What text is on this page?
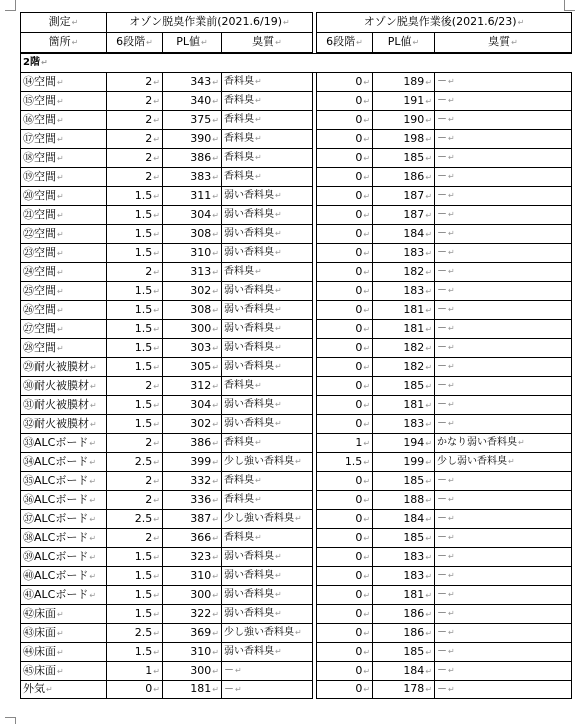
測定 ↵	オゾン脱臭作業前(2021.6/19) ↵				オゾン脱臭作業後(2021.6/23) ↵
箇所 ↵	6段階 ↵	PL値 ↵	臭質 ↵		6段階 ↵	PL値 ↵	臭質 ↵
2階 ↵
⑭空間 ↵	2 ↵	343 ↵	香料臭 ↵		0 ↵	189 ↵	－ ↵
⑮空間 ↵	2 ↵	340 ↵	香料臭 ↵		0 ↵	191 ↵	－ ↵
⑯空間 ↵	2 ↵	375 ↵	香料臭 ↵		0 ↵	190 ↵	－ ↵
⑰空間 ↵	2 ↵	390 ↵	香料臭 ↵		0 ↵	198 ↵	－ ↵
⑱空間 ↵	2 ↵	386 ↵	香料臭 ↵		0 ↵	185 ↵	－ ↵
⑲空間 ↵	2 ↵	383 ↵	香料臭 ↵		0 ↵	186 ↵	－ ↵
⑳空間 ↵	1.5 ↵	311 ↵	弱い香料臭 ↵		0 ↵	187 ↵	－ ↵
㉑空間 ↵	1.5 ↵	304 ↵	弱い香料臭 ↵		0 ↵	187 ↵	－ ↵
㉒空間 ↵	1.5 ↵	308 ↵	弱い香料臭 ↵		0 ↵	184 ↵	－ ↵
㉓空間 ↵	1.5 ↵	310 ↵	弱い香料臭 ↵		0 ↵	183 ↵	－ ↵
㉔空間 ↵	2 ↵	313 ↵	香料臭 ↵		0 ↵	182 ↵	－ ↵
㉕空間 ↵	1.5 ↵	302 ↵	弱い香料臭 ↵		0 ↵	183 ↵	－ ↵
㉖空間 ↵	1.5 ↵	308 ↵	弱い香料臭 ↵		0 ↵	181 ↵	－ ↵
㉗空間 ↵	1.5 ↵	300 ↵	弱い香料臭 ↵		0 ↵	181 ↵	－ ↵
㉘空間 ↵	1.5 ↵	303 ↵	弱い香料臭 ↵		0 ↵	182 ↵	－ ↵
㉙耐火被膜材 ↵	1.5 ↵	305 ↵	弱い香料臭 ↵		0 ↵	182 ↵	－ ↵
㉚耐火被膜材 ↵	2 ↵	312 ↵	香料臭 ↵		0 ↵	185 ↵	－ ↵
㉛耐火被膜材 ↵	1.5 ↵	304 ↵	弱い香料臭 ↵		0 ↵	181 ↵	－ ↵
㉜耐火被膜材 ↵	1.5 ↵	302 ↵	弱い香料臭 ↵		0 ↵	183 ↵	－ ↵
㉝ALCボード ↵	2 ↵	386 ↵	香料臭 ↵		1 ↵	194 ↵	かなり弱い香料臭 ↵
㉞ALCボード ↵	2.5 ↵	399 ↵	少し強い香料臭 ↵		1.5 ↵	199 ↵	少し弱い香料臭 ↵
㉟ALCボード ↵	2 ↵	332 ↵	香料臭 ↵		0 ↵	185 ↵	－ ↵
㊱ALCボード ↵	2 ↵	336 ↵	香料臭 ↵		0 ↵	188 ↵	－ ↵
㊲ALCボード ↵	2.5 ↵	387 ↵	少し強い香料臭 ↵		0 ↵	184 ↵	－ ↵
㊳ALCボード ↵	2 ↵	366 ↵	香料臭 ↵		0 ↵	185 ↵	－ ↵
㊴ALCボード ↵	1.5 ↵	323 ↵	弱い香料臭 ↵		0 ↵	183 ↵	－ ↵
㊵ALCボード ↵	1.5 ↵	310 ↵	弱い香料臭 ↵		0 ↵	183 ↵	－ ↵
㊶ALCボード ↵	1.5 ↵	300 ↵	弱い香料臭 ↵		0 ↵	181 ↵	－ ↵
㊷床面 ↵	1.5 ↵	322 ↵	弱い香料臭 ↵		0 ↵	186 ↵	－ ↵
㊸床面 ↵	2.5 ↵	369 ↵	少し強い香料臭 ↵		0 ↵	186 ↵	－ ↵
㊹床面 ↵	1.5 ↵	310 ↵	弱い香料臭 ↵		0 ↵	185 ↵	－ ↵
㊺床面 ↵	1 ↵	300 ↵	－ ↵		0 ↵	184 ↵	－ ↵
外気 ↵	0 ↵	181 ↵	－ ↵		0 ↵	178 ↵	－ ↵
